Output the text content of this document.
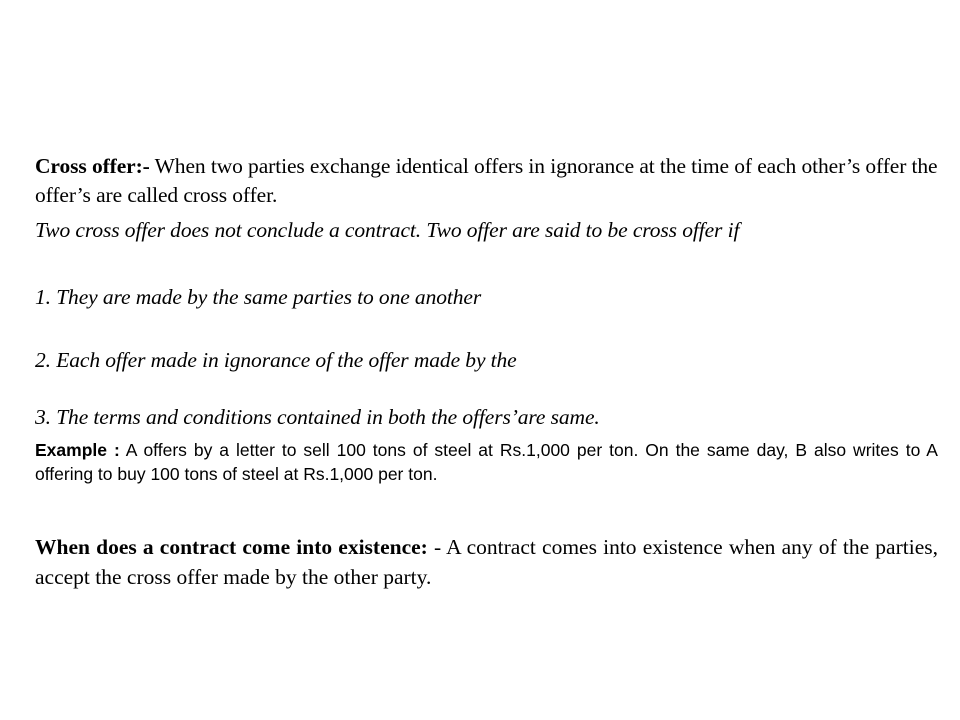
Cross offer:- When two parties exchange identical offers in ignorance at the time of each other’s offer the offer’s are called cross offer.

Two cross offer does not conclude a contract. Two offer are said to be cross offer if

1. They are made by the same parties to one another

2. Each offer made in ignorance of the offer made by the

3. The terms and conditions contained in both the offers’are same.

Example : A offers by a letter to sell 100 tons of steel at Rs.1,000 per ton. On the same day, B also writes to A offering to buy 100 tons of steel at Rs.1,000 per ton.

When does a contract come into existence: - A contract comes into existence when any of the parties, accept the cross offer made by the other party.
